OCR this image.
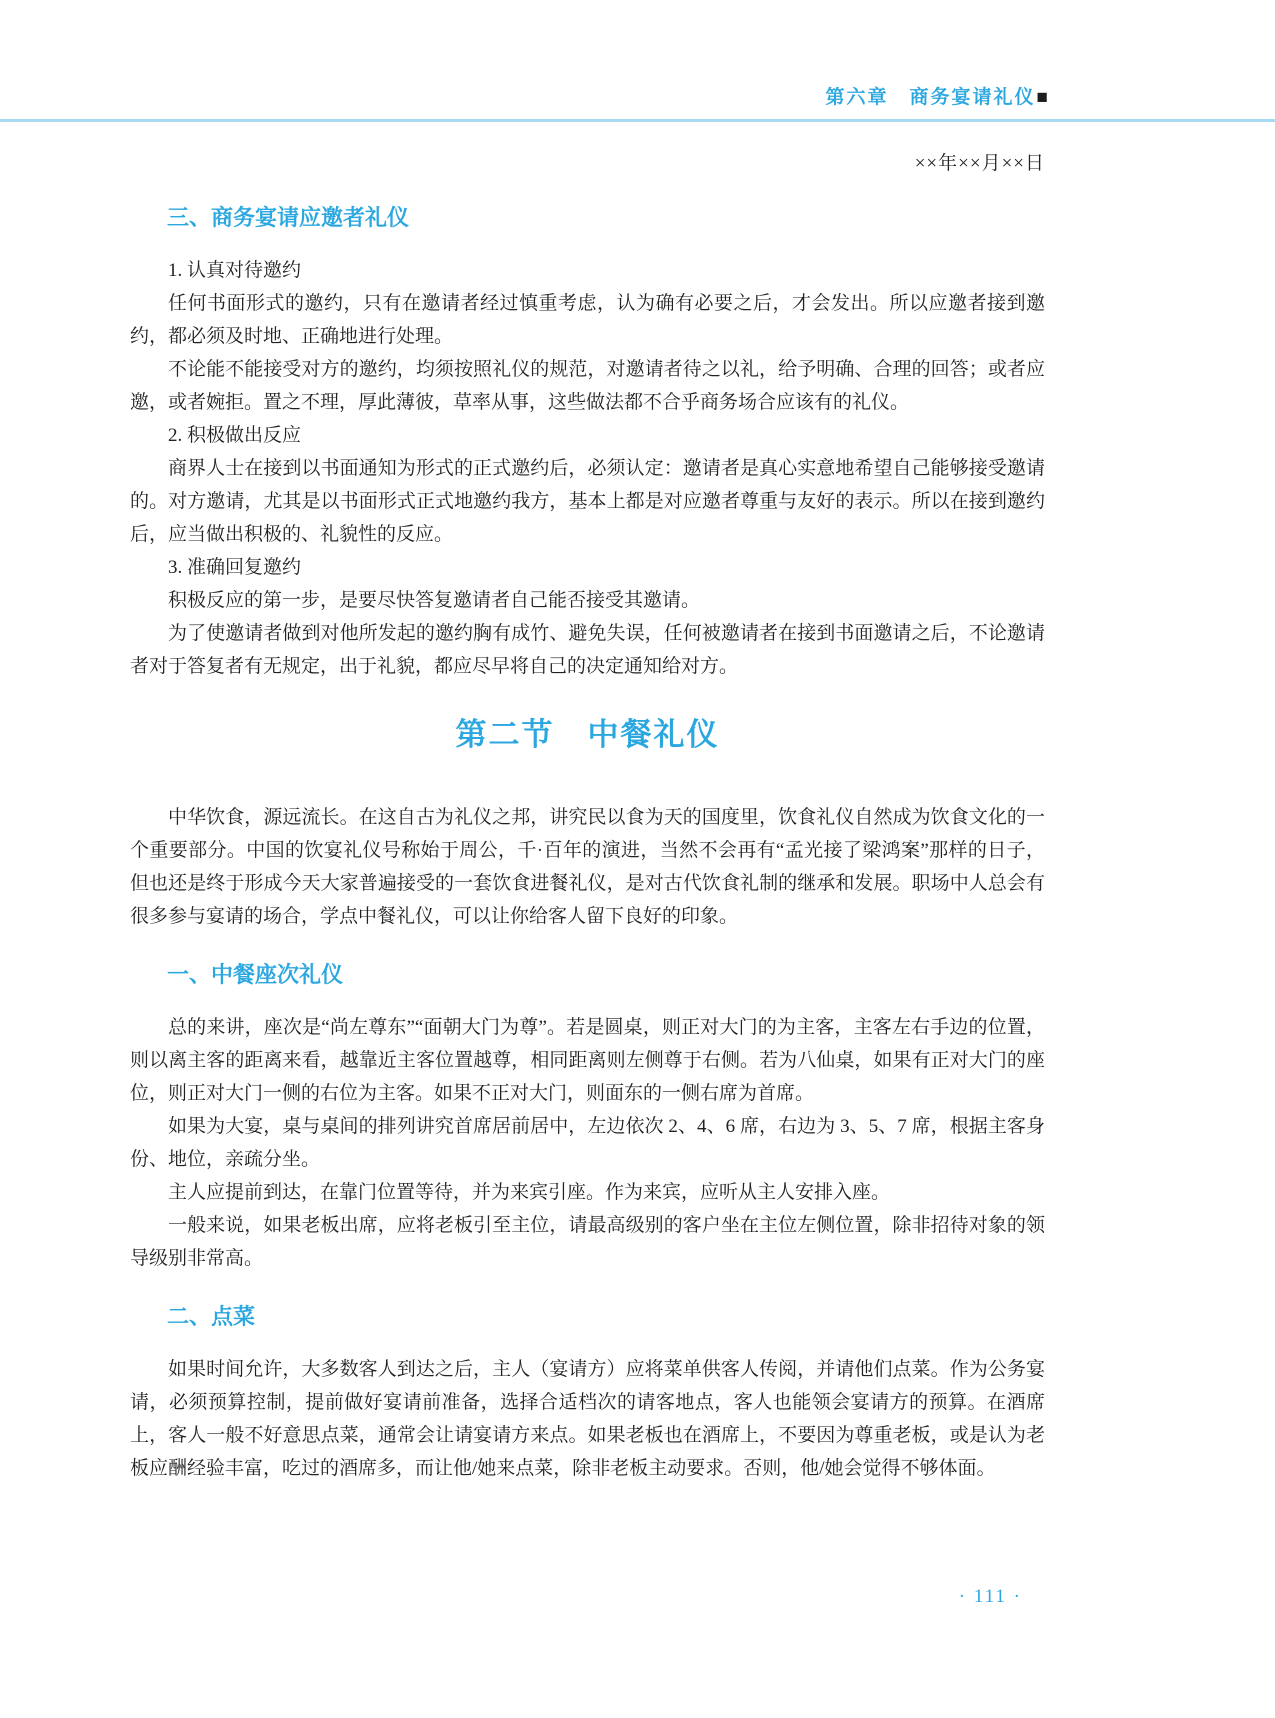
第六章　商务宴请礼仪■
××年××月××日
三、商务宴请应邀者礼仪

1. 认真对待邀约

任何书面形式的邀约，只有在邀请者经过慎重考虑，认为确有必要之后，才会发出。所以应邀者接到邀约，都必须及时地、正确地进行处理。

不论能不能接受对方的邀约，均须按照礼仪的规范，对邀请者待之以礼，给予明确、合理的回答；或者应邀，或者婉拒。置之不理，厚此薄彼，草率从事，这些做法都不合乎商务场合应该有的礼仪。

2. 积极做出反应

商界人士在接到以书面通知为形式的正式邀约后，必须认定：邀请者是真心实意地希望自己能够接受邀请的。对方邀请，尤其是以书面形式正式地邀约我方，基本上都是对应邀者尊重与友好的表示。所以在接到邀约后，应当做出积极的、礼貌性的反应。

3. 准确回复邀约

积极反应的第一步，是要尽快答复邀请者自己能否接受其邀请。

为了使邀请者做到对他所发起的邀约胸有成竹、避免失误，任何被邀请者在接到书面邀请之后，不论邀请者对于答复者有无规定，出于礼貌，都应尽早将自己的决定通知给对方。

第二节　中餐礼仪

中华饮食，源远流长。在这自古为礼仪之邦，讲究民以食为天的国度里，饮食礼仪自然成为饮食文化的一个重要部分。中国的饮宴礼仪号称始于周公，千·百年的演进，当然不会再有“孟光接了梁鸿案”那样的日子，但也还是终于形成今天大家普遍接受的一套饮食进餐礼仪，是对古代饮食礼制的继承和发展。职场中人总会有很多参与宴请的场合，学点中餐礼仪，可以让你给客人留下良好的印象。

一、中餐座次礼仪

总的来讲，座次是“尚左尊东”“面朝大门为尊”。若是圆桌，则正对大门的为主客，主客左右手边的位置，则以离主客的距离来看，越靠近主客位置越尊，相同距离则左侧尊于右侧。若为八仙桌，如果有正对大门的座位，则正对大门一侧的右位为主客。如果不正对大门，则面东的一侧右席为首席。

如果为大宴，桌与桌间的排列讲究首席居前居中，左边依次 2、4、6 席，右边为 3、5、7 席，根据主客身份、地位，亲疏分坐。

主人应提前到达，在靠门位置等待，并为来宾引座。作为来宾，应听从主人安排入座。

一般来说，如果老板出席，应将老板引至主位，请最高级别的客户坐在主位左侧位置，除非招待对象的领导级别非常高。

二、点菜

如果时间允许，大多数客人到达之后，主人（宴请方）应将菜单供客人传阅，并请他们点菜。作为公务宴请，必须预算控制，提前做好宴请前准备，选择合适档次的请客地点，客人也能领会宴请方的预算。在酒席上，客人一般不好意思点菜，通常会让请宴请方来点。如果老板也在酒席上，不要因为尊重老板，或是认为老板应酬经验丰富，吃过的酒席多，而让他/她来点菜，除非老板主动要求。否则，他/她会觉得不够体面。

· 111 ·
